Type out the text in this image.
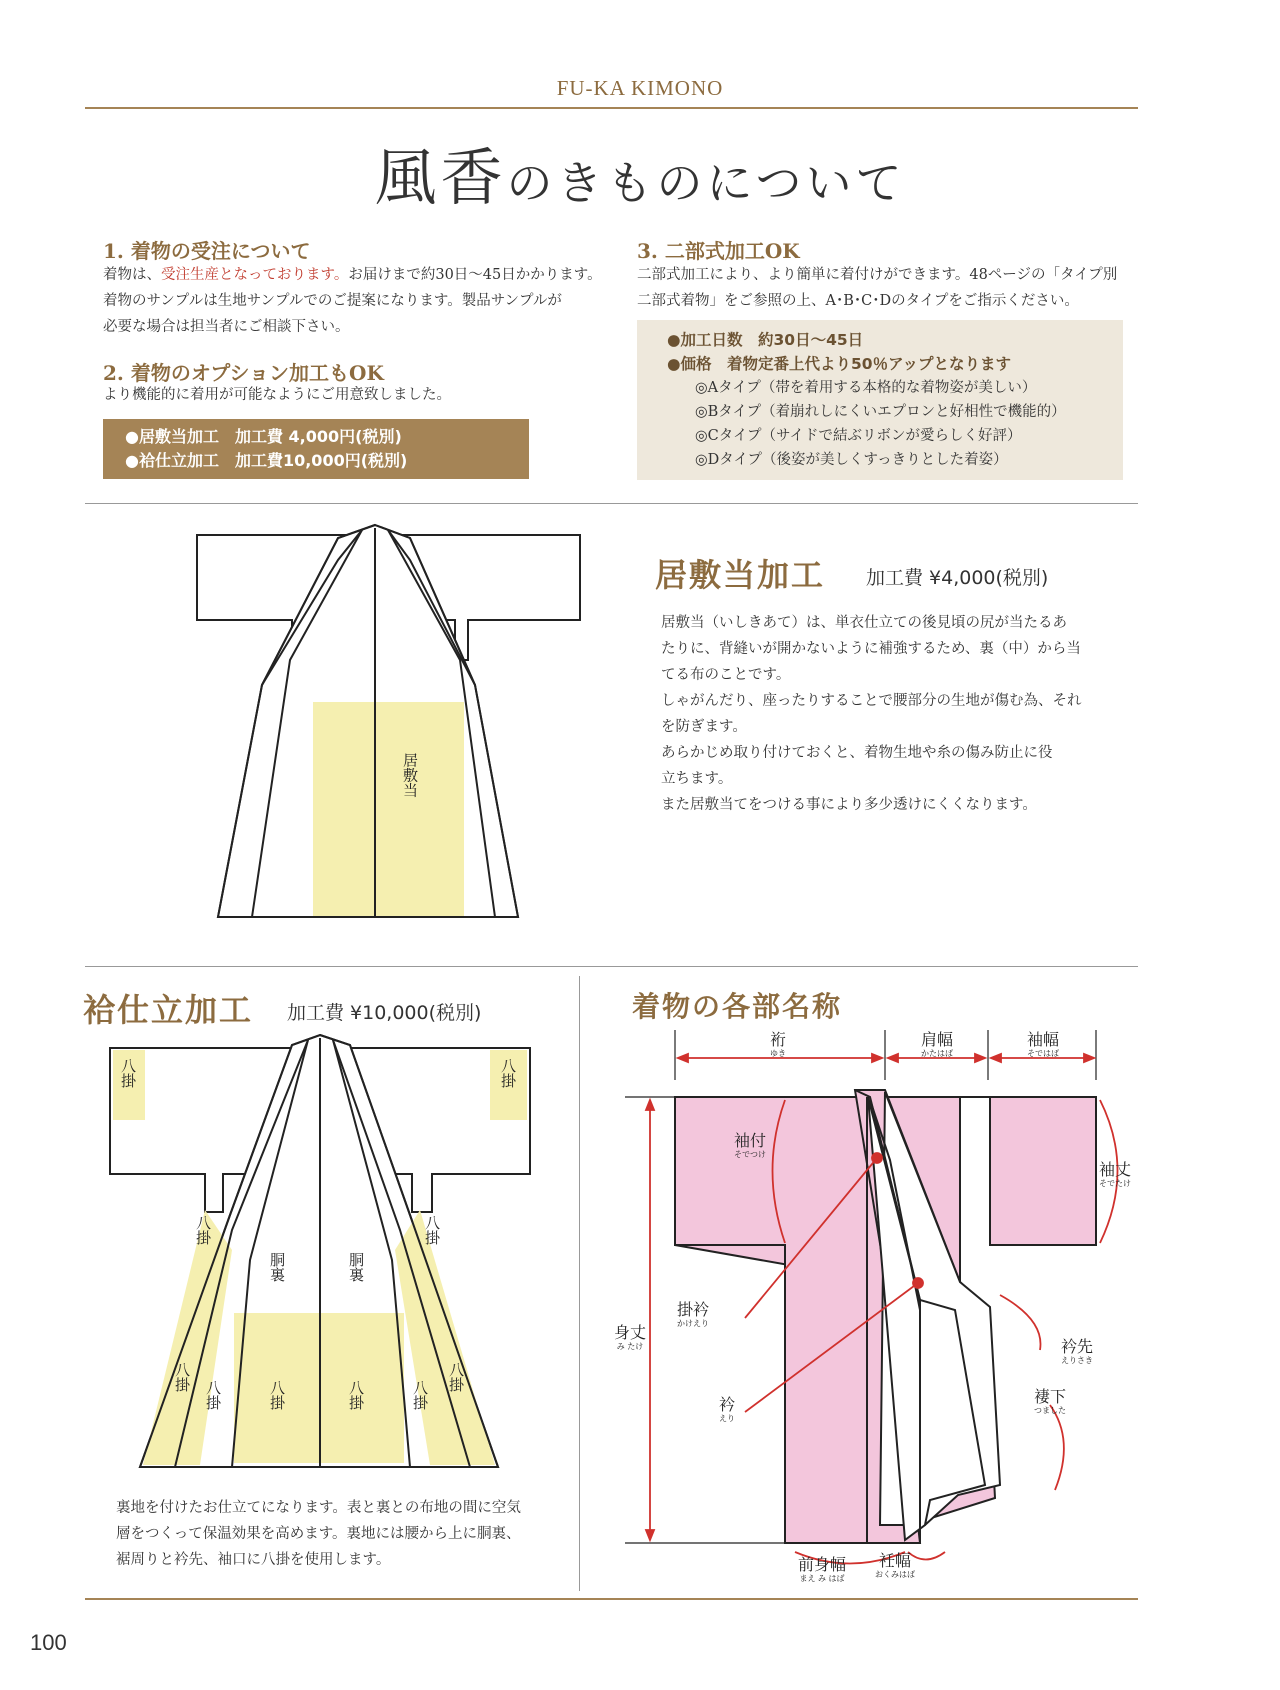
FU-KA KIMONO
風香のきものについて
1. 着物の受注について
着物は、受注生産となっております。お届けまで約30日～45日かかります。
着物のサンプルは生地サンプルでのご提案になります。製品サンプルが
必要な場合は担当者にご相談下さい。
2. 着物のオプション加工もOK
より機能的に着用が可能なようにご用意致しました。
●居敷当加工　加工費 4,000円(税別)
●袷仕立加工　加工費10,000円(税別)
3. 二部式加工OK
二部式加工により、より簡単に着付けができます。48ページの「タイプ別
二部式着物」をご参照の上、A･B･C･Dのタイプをご指示ください。
●加工日数　約30日～45日
●価格　着物定番上代より50％アップとなります
◎Aタイプ（帯を着用する本格的な着物姿が美しい）
◎Bタイプ（着崩れしにくいエプロンと好相性で機能的）
◎Cタイプ（サイドで結ぶリボンが愛らしく好評）
◎Dタイプ（後姿が美しくすっきりとした着姿）
居敷当
居敷当加工 加工費 ¥4,000(税別)
居敷当（いしきあて）は、単衣仕立ての後見頃の尻が当たるあ
たりに、背縫いが開かないように補強するため、裏（中）から当
てる布のことです。
しゃがんだり、座ったりすることで腰部分の生地が傷む為、それ
を防ぎます。
あらかじめ取り付けておくと、着物生地や糸の傷み防止に役
立ちます。
また居敷当てをつける事により多少透けにくくなります。
袷仕立加工 加工費 ¥10,000(税別)
八掛	八掛
八掛	八掛
胴裏	胴裏
八掛
八掛	八掛	八掛	八掛
八掛
裏地を付けたお仕立てになります。表と裏との布地の間に空気
層をつくって保温効果を高めます。裏地には腰から上に胴裏、
裾周りと衿先、袖口に八掛を使用します。
着物の各部名称
裄
ゆき
肩幅
かたはば
袖幅
そではば
袖付
そでつけ
袖丈
そでたけ
身丈
み たけ
掛衿
かけえり
衿先
えりさき
衿
えり
褄下
つました
前身幅
まえ み はば
衽幅
おくみはば
100
